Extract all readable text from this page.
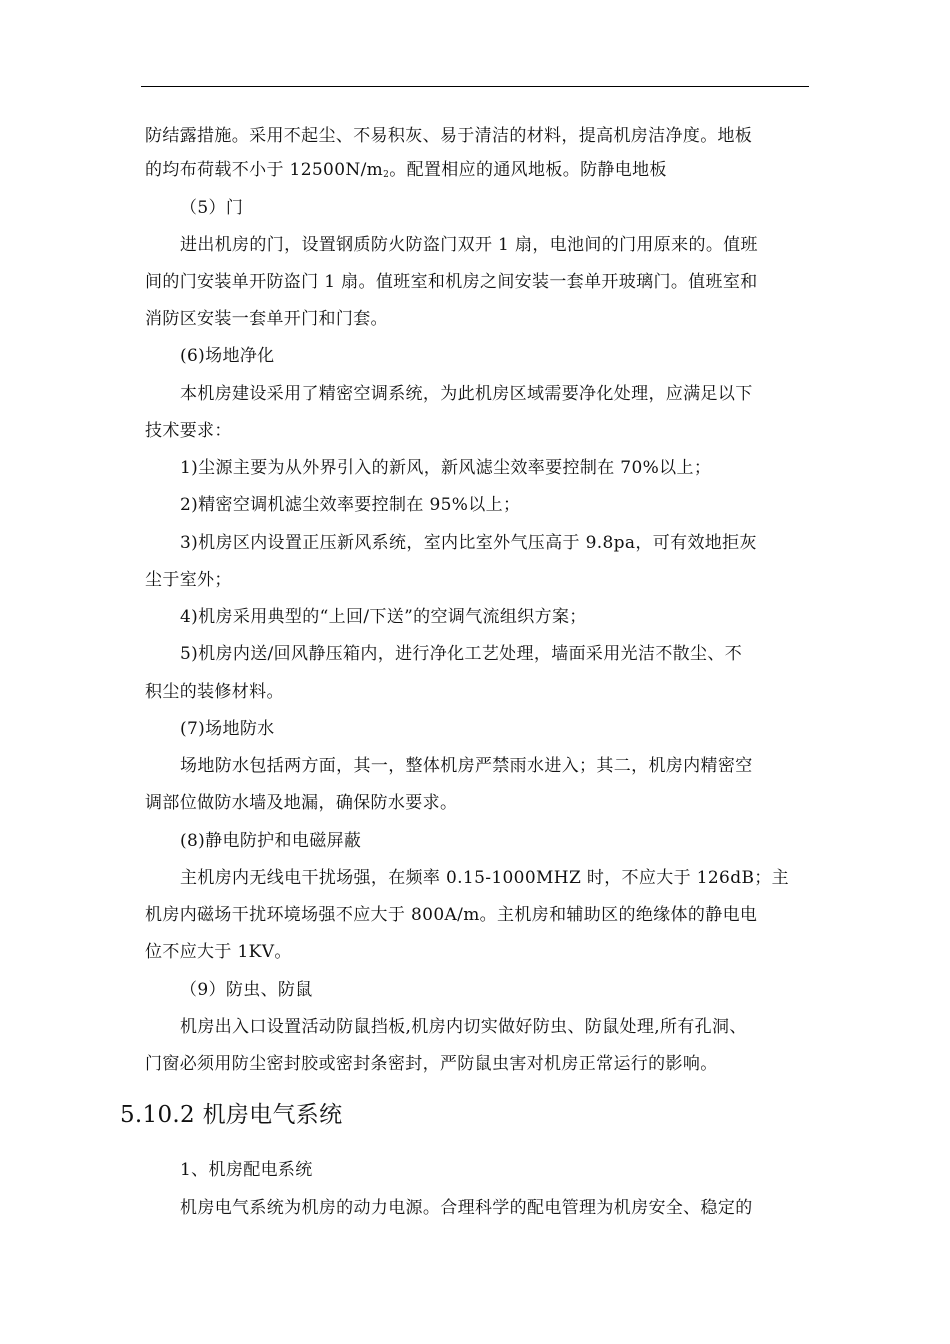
防结露措施。采用不起尘、不易积灰、易于清洁的材料，提高机房洁净度。地板
的均布荷载不小于 $12500N/m_2$。配置相应的通风地板。防静电地板
（5）门
进出机房的门，设置钢质防火防盗门双开 1 扇，电池间的门用原来的。值班
间的门安装单开防盗门 1 扇。值班室和机房之间安装一套单开玻璃门。值班室和
消防区安装一套单开门和门套。
(6)场地净化
本机房建设采用了精密空调系统，为此机房区域需要净化处理，应满足以下
技术要求：
1)尘源主要为从外界引入的新风，新风滤尘效率要控制在 70%以上；
2)精密空调机滤尘效率要控制在 95%以上；
3)机房区内设置正压新风系统，室内比室外气压高于 9.8pa，可有效地拒灰
尘于室外；
4)机房采用典型的“上回/下送”的空调气流组织方案；
5)机房内送/回风静压箱内，进行净化工艺处理，墙面采用光洁不散尘、不
积尘的装修材料。
(7)场地防水
场地防水包括两方面，其一，整体机房严禁雨水进入；其二，机房内精密空
调部位做防水墙及地漏，确保防水要求。
(8)静电防护和电磁屏蔽
主机房内无线电干扰场强，在频率 0.15-1000MHZ 时，不应大于 126dB；主
机房内磁场干扰环境场强不应大于 800A/m。主机房和辅助区的绝缘体的静电电
位不应大于 1KV。
（9）防虫、防鼠
机房出入口设置活动防鼠挡板,机房内切实做好防虫、防鼠处理,所有孔洞、
门窗必须用防尘密封胶或密封条密封，严防鼠虫害对机房正常运行的影响。
5.10.2 机房电气系统
1、机房配电系统
机房电气系统为机房的动力电源。合理科学的配电管理为机房安全、稳定的
